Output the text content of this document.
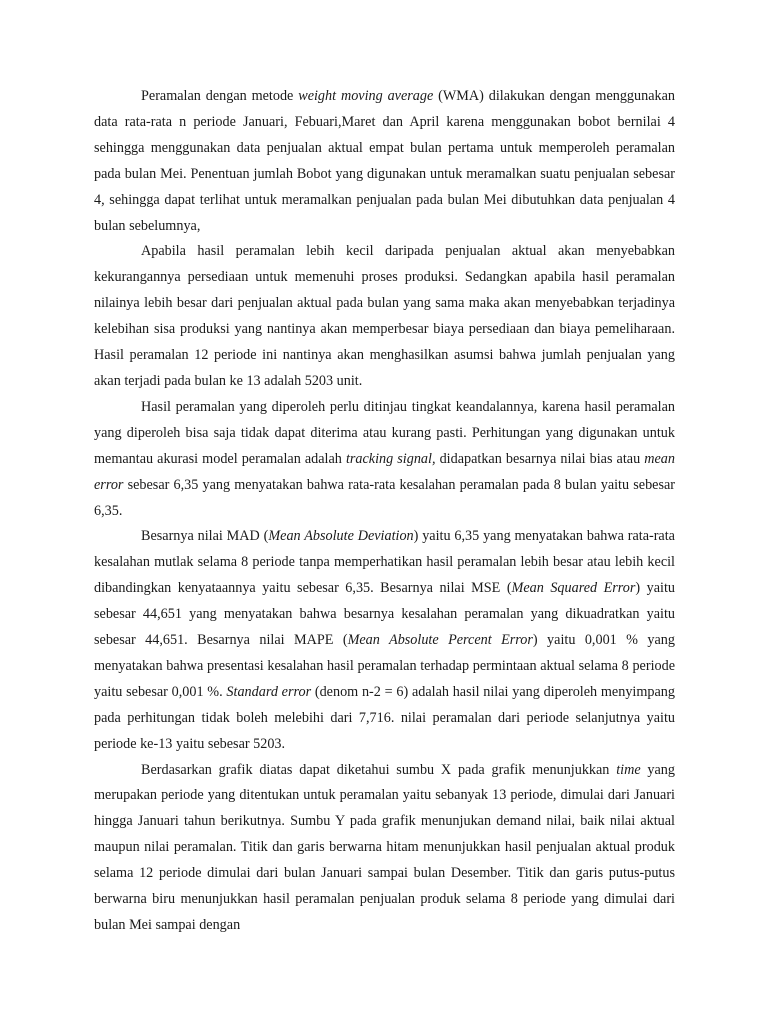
Peramalan dengan metode weight moving average (WMA) dilakukan dengan menggunakan data rata-rata n periode Januari, Febuari,Maret dan April karena menggunakan bobot bernilai 4 sehingga menggunakan data penjualan aktual empat bulan pertama untuk memperoleh peramalan pada bulan Mei. Penentuan jumlah Bobot yang digunakan untuk meramalkan suatu penjualan sebesar 4, sehingga dapat terlihat untuk meramalkan penjualan pada bulan Mei dibutuhkan data penjualan 4 bulan sebelumnya,

Apabila hasil peramalan lebih kecil daripada penjualan aktual akan menyebabkan kekurangannya persediaan untuk memenuhi proses produksi. Sedangkan apabila hasil peramalan nilainya lebih besar dari penjualan aktual pada bulan yang sama maka akan menyebabkan terjadinya kelebihan sisa produksi yang nantinya akan memperbesar biaya persediaan dan biaya pemeliharaan. Hasil peramalan 12 periode ini nantinya akan menghasilkan asumsi bahwa jumlah penjualan yang akan terjadi pada bulan ke 13 adalah 5203 unit.

Hasil peramalan yang diperoleh perlu ditinjau tingkat keandalannya, karena hasil peramalan yang diperoleh bisa saja tidak dapat diterima atau kurang pasti. Perhitungan yang digunakan untuk memantau akurasi model peramalan adalah tracking signal, didapatkan besarnya nilai bias atau mean error sebesar 6,35 yang menyatakan bahwa rata-rata kesalahan peramalan pada 8 bulan yaitu sebesar 6,35.

Besarnya nilai MAD (Mean Absolute Deviation) yaitu 6,35 yang menyatakan bahwa rata-rata kesalahan mutlak selama 8 periode tanpa memperhatikan hasil peramalan lebih besar atau lebih kecil dibandingkan kenyataannya yaitu sebesar 6,35. Besarnya nilai MSE (Mean Squared Error) yaitu sebesar 44,651 yang menyatakan bahwa besarnya kesalahan peramalan yang dikuadratkan yaitu sebesar 44,651. Besarnya nilai MAPE (Mean Absolute Percent Error) yaitu 0,001 % yang menyatakan bahwa presentasi kesalahan hasil peramalan terhadap permintaan aktual selama 8 periode yaitu sebesar 0,001 %. Standard error (denom n-2 = 6) adalah hasil nilai yang diperoleh menyimpang pada perhitungan tidak boleh melebihi dari 7,716. nilai peramalan dari periode selanjutnya yaitu periode ke-13 yaitu sebesar 5203.

Berdasarkan grafik diatas dapat diketahui sumbu X pada grafik menunjukkan time yang merupakan periode yang ditentukan untuk peramalan yaitu sebanyak 13 periode, dimulai dari Januari hingga Januari tahun berikutnya. Sumbu Y pada grafik menunjukan demand nilai, baik nilai aktual maupun nilai peramalan. Titik dan garis berwarna hitam menunjukkan hasil penjualan aktual produk selama 12 periode dimulai dari bulan Januari sampai bulan Desember. Titik dan garis putus-putus berwarna biru menunjukkan hasil peramalan penjualan produk selama 8 periode yang dimulai dari bulan Mei sampai dengan
